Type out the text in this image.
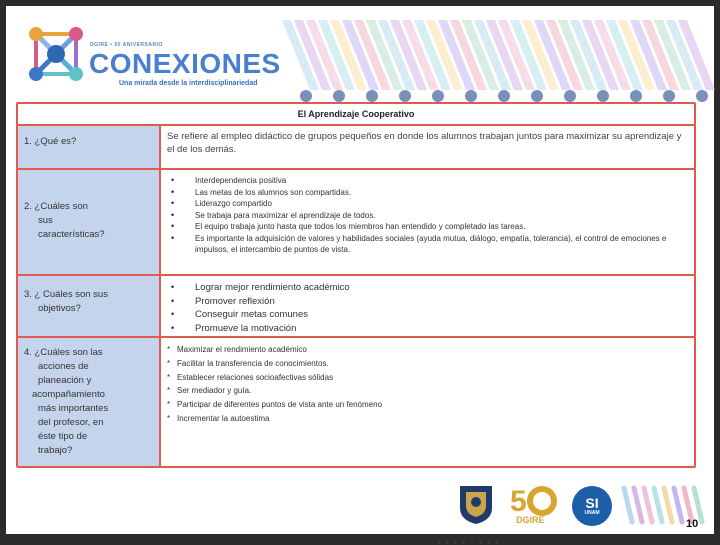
DGIRE • 50 ANIVERSARIO
CONEXIONES
Una mirada desde la interdisciplinariedad
El Aprendizaje Cooperativo
1. ¿Qué es?	Se refiere al empleo didáctico de grupos pequeños en donde los alumnos trabajan juntos para maximizar su aprendizaje y el de los demás.
2. ¿Cuáles son
sus
características?
• Interdependencia positiva
• Las metas de los alumnos son compartidas.
• Liderazgo compartido
• Se trabaja para maximizar el aprendizaje de todos.
• El equipo trabaja junto hasta que todos los miembros han entendido y completado las tareas.
• Es importante la adquisición de valores y habilidades sociales (ayuda mutua, diálogo, empatía, tolerancia), el control de emociones e impulsos, el intercambio de puntos de vista.
3. ¿ Cuáles son sus
objetivos?
• Lograr mejor rendimiento académico
• Promover reflexión
• Conseguir metas comunes
• Promueve la motivación
4. ¿Cuáles son las
acciones de
planeación y
acompañamiento
más importantes
del profesor, en
éste tipo de
trabajo?
* Maximizar el rendimiento académico
* Facilitar la transferencia de conocimientos.
* Establecer relaciones socioafectivas sólidas
* Ser mediador y guía.
* Participar de diferentes puntos de vista ante un fenómeno
* Incrementar la autoestima
5
DGIRE
SI
UNAM
........
10
